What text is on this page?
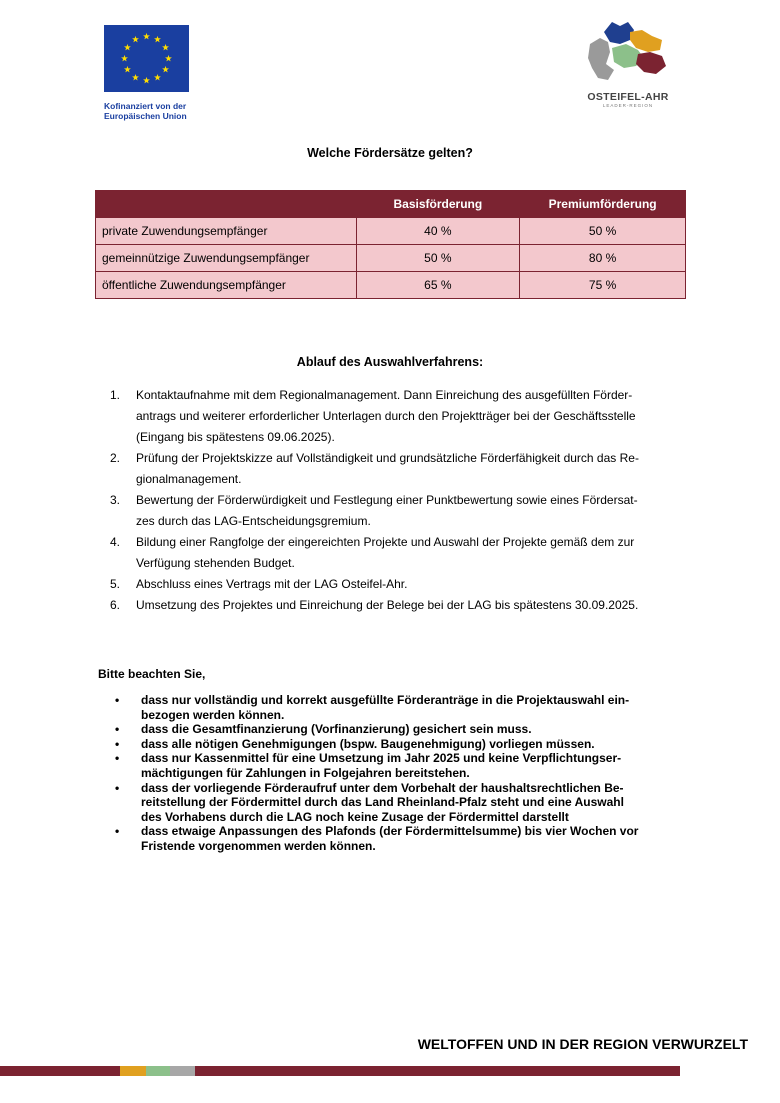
Kofinanziert von der
Europäischen Union
OSTEIFEL-AHR
LEADER-REGION
Welche Fördersätze gelten?
	Basisförderung	Premiumförderung
private Zuwendungsempfänger	40 %	50 %
gemeinnützige Zuwendungsempfänger	50 %	80 %
öffentliche Zuwendungsempfänger	65 %	75 %
Ablauf des Auswahlverfahrens:
1. Kontaktaufnahme mit dem Regionalmanagement. Dann Einreichung des ausgefüllten Förder-
antrags und weiterer erforderlicher Unterlagen durch den Projektträger bei der Geschäftsstelle
(Eingang bis spätestens 09.06.2025).
2. Prüfung der Projektskizze auf Vollständigkeit und grundsätzliche Förderfähigkeit durch das Re-
gionalmanagement.
3. Bewertung der Förderwürdigkeit und Festlegung einer Punktbewertung sowie eines Fördersat-
zes durch das LAG-Entscheidungsgremium.
4. Bildung einer Rangfolge der eingereichten Projekte und Auswahl der Projekte gemäß dem zur
Verfügung stehenden Budget.
5. Abschluss eines Vertrags mit der LAG Osteifel-Ahr.
6. Umsetzung des Projektes und Einreichung der Belege bei der LAG bis spätestens 30.09.2025.
Bitte beachten Sie,
• dass nur vollständig und korrekt ausgefüllte Förderanträge in die Projektauswahl ein-
bezogen werden können.
• dass die Gesamtfinanzierung (Vorfinanzierung) gesichert sein muss.
• dass alle nötigen Genehmigungen (bspw. Baugenehmigung) vorliegen müssen.
• dass nur Kassenmittel für eine Umsetzung im Jahr 2025 und keine Verpflichtungser-
mächtigungen für Zahlungen in Folgejahren bereitstehen.
• dass der vorliegende Förderaufruf unter dem Vorbehalt der haushaltsrechtlichen Be-
reitstellung der Fördermittel durch das Land Rheinland-Pfalz steht und eine Auswahl
des Vorhabens durch die LAG noch keine Zusage der Fördermittel darstellt
• dass etwaige Anpassungen des Plafonds (der Fördermittelsumme) bis vier Wochen vor
Fristende vorgenommen werden können.
WELTOFFEN UND IN DER REGION VERWURZELT
